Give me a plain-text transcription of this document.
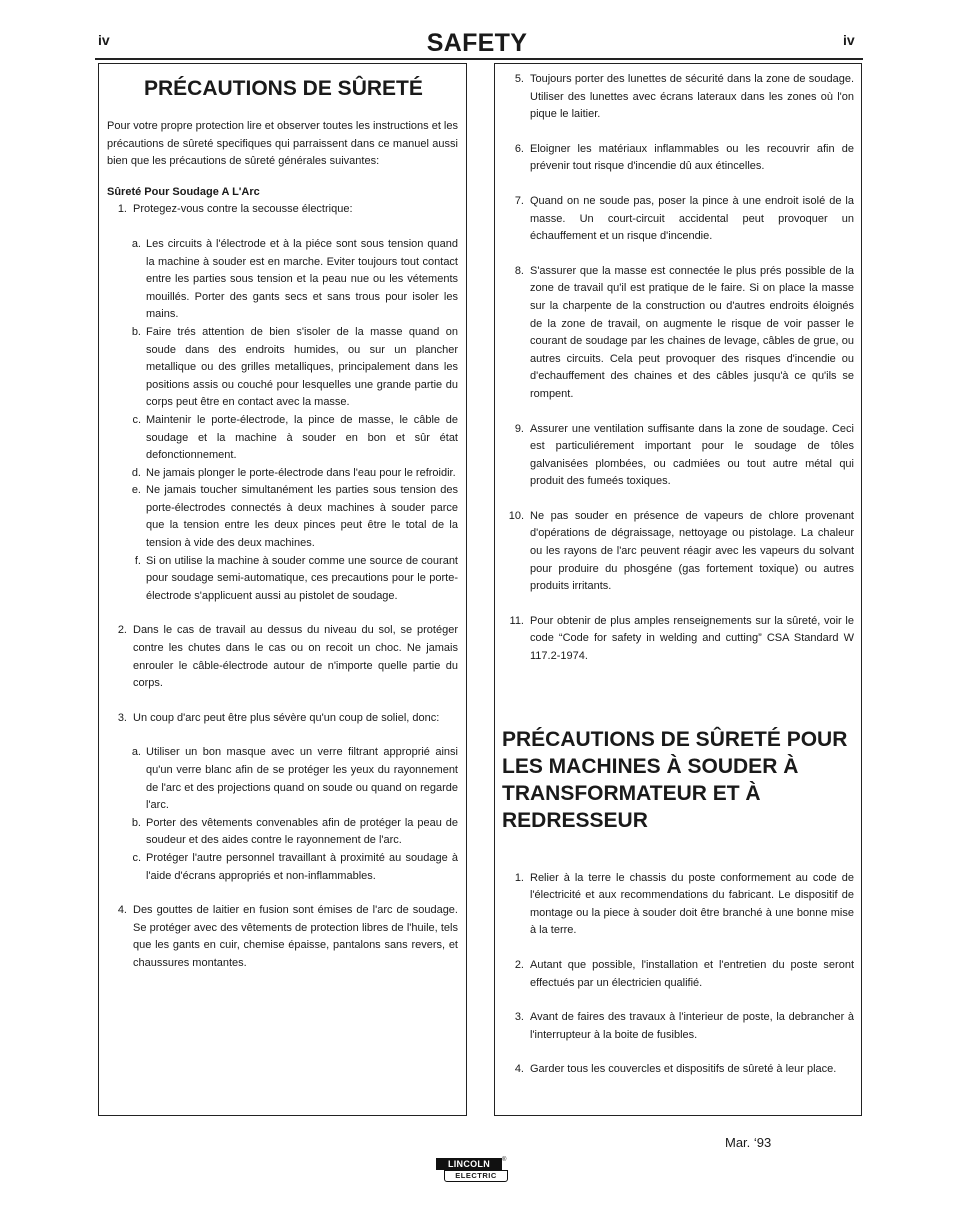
iv	SAFETY	iv
PRÉCAUTIONS DE SÛRETÉ

Pour votre propre protection lire et observer toutes les instructions et les précautions de sûreté specifiques qui parraissent dans ce manuel aussi bien que les précautions de sûreté générales suivantes:

Sûreté Pour Soudage A L'Arc
1. Protegez-vous contre la secousse électrique:
a. Les circuits à l'électrode et à la piéce sont sous tension quand la machine à souder est en marche. Eviter toujours tout contact entre les parties sous tension et la peau nue ou les vétements mouillés. Porter des gants secs et sans trous pour isoler les mains.
b. Faire trés attention de bien s'isoler de la masse quand on soude dans des endroits humides, ou sur un plancher metallique ou des grilles metalliques, principalement dans les positions assis ou couché pour lesquelles une grande partie du corps peut être en contact avec la masse.
c. Maintenir le porte-électrode, la pince de masse, le câble de soudage et la machine à souder en bon et sûr état defonctionnement.
d. Ne jamais plonger le porte-électrode dans l'eau pour le refroidir.
e. Ne jamais toucher simultanément les parties sous tension des porte-électrodes connectés à deux machines à souder parce que la tension entre les deux pinces peut être le total de la tension à vide des deux machines.
f. Si on utilise la machine à souder comme une source de courant pour soudage semi-automatique, ces precautions pour le porte-électrode s'applicuent aussi au pistolet de soudage.
2. Dans le cas de travail au dessus du niveau du sol, se protéger contre les chutes dans le cas ou on recoit un choc. Ne jamais enrouler le câble-électrode autour de n'importe quelle partie du corps.
3. Un coup d'arc peut être plus sévère qu'un coup de soliel, donc:
a. Utiliser un bon masque avec un verre filtrant approprié ainsi qu'un verre blanc afin de se protéger les yeux du rayonnement de l'arc et des projections quand on soude ou quand on regarde l'arc.
b. Porter des vêtements convenables afin de protéger la peau de soudeur et des aides contre le rayonnement de l'arc.
c. Protéger l'autre personnel travaillant à proximité au soudage à l'aide d'écrans appropriés et non-inflammables.
4. Des gouttes de laitier en fusion sont émises de l'arc de soudage. Se protéger avec des vêtements de protection libres de l'huile, tels que les gants en cuir, chemise épaisse, pantalons sans revers, et chaussures montantes.
5. Toujours porter des lunettes de sécurité dans la zone de soudage. Utiliser des lunettes avec écrans lateraux dans les zones où l'on pique le laitier.
6. Eloigner les matériaux inflammables ou les recouvrir afin de prévenir tout risque d'incendie dû aux étincelles.
7. Quand on ne soude pas, poser la pince à une endroit isolé de la masse. Un court-circuit accidental peut provoquer un échauffement et un risque d'incendie.
8. S'assurer que la masse est connectée le plus prés possible de la zone de travail qu'il est pratique de le faire. Si on place la masse sur la charpente de la construction ou d'autres endroits éloignés de la zone de travail, on augmente le risque de voir passer le courant de soudage par les chaines de levage, câbles de grue, ou autres circuits. Cela peut provoquer des risques d'incendie ou d'echauffement des chaines et des câbles jusqu'à ce qu'ils se rompent.
9. Assurer une ventilation suffisante dans la zone de soudage. Ceci est particuliérement important pour le soudage de tôles galvanisées plombées, ou cadmiées ou tout autre métal qui produit des fumeés toxiques.
10. Ne pas souder en présence de vapeurs de chlore provenant d'opérations de dégraissage, nettoyage ou pistolage. La chaleur ou les rayons de l'arc peuvent réagir avec les vapeurs du solvant pour produire du phosgéne (gas fortement toxique) ou autres produits irritants.
11. Pour obtenir de plus amples renseignements sur la sûreté, voir le code “Code for safety in welding and cutting” CSA Standard W 117.2-1974.
PRÉCAUTIONS DE SÛRETÉ POUR LES MACHINES À SOUDER À TRANSFORMATEUR ET À REDRESSEUR
1. Relier à la terre le chassis du poste conformement au code de l'électricité et aux recommendations du fabricant. Le dispositif de montage ou la piece à souder doit être branché à une bonne mise à la terre.
2. Autant que possible, l'installation et l'entretien du poste seront effectués par un électricien qualifié.
3. Avant de faires des travaux à l'interieur de poste, la debrancher à l'interrupteur à la boite de fusibles.
4. Garder tous les couvercles et dispositifs de sûreté à leur place.
Mar. ‘93
LINCOLN	®
ELECTRIC
